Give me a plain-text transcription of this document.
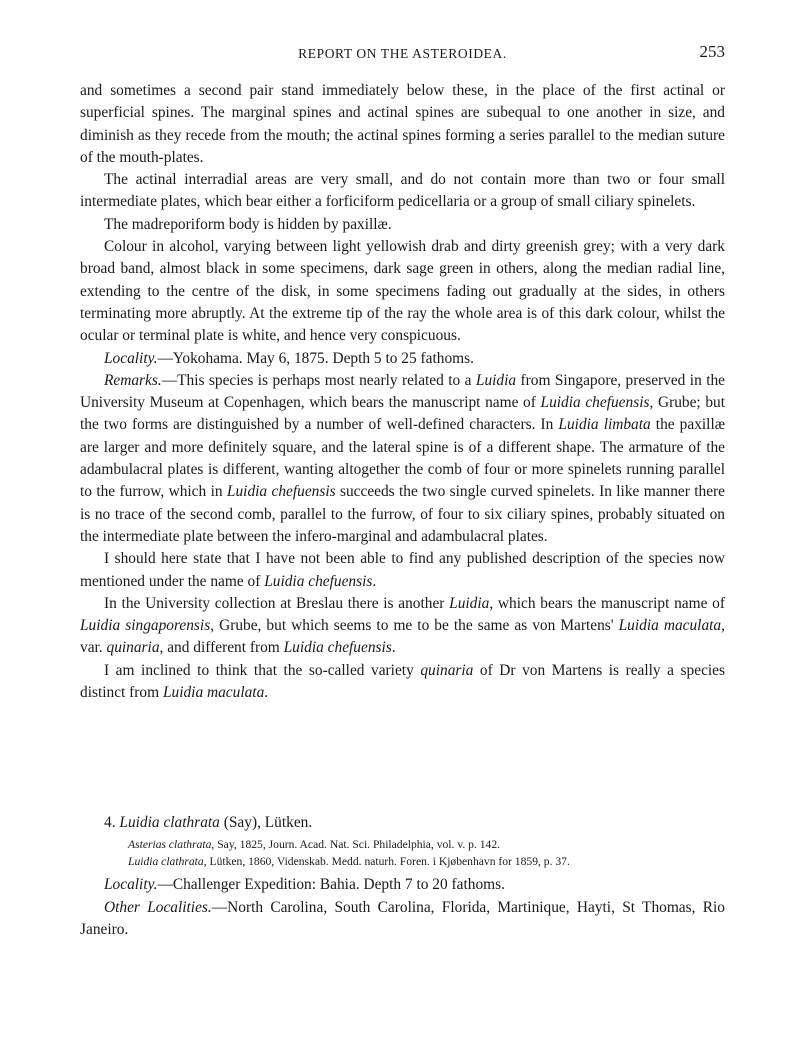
REPORT ON THE ASTEROIDEA.	253

and sometimes a second pair stand immediately below these, in the place of the first actinal or superficial spines. The marginal spines and actinal spines are subequal to one another in size, and diminish as they recede from the mouth; the actinal spines forming a series parallel to the median suture of the mouth-plates.

The actinal interradial areas are very small, and do not contain more than two or four small intermediate plates, which bear either a forficiform pedicellaria or a group of small ciliary spinelets.

The madreporiform body is hidden by paxillæ.

Colour in alcohol, varying between light yellowish drab and dirty greenish grey; with a very dark broad band, almost black in some specimens, dark sage green in others, along the median radial line, extending to the centre of the disk, in some specimens fading out gradually at the sides, in others terminating more abruptly. At the extreme tip of the ray the whole area is of this dark colour, whilst the ocular or terminal plate is white, and hence very conspicuous.

Locality.—Yokohama. May 6, 1875. Depth 5 to 25 fathoms.

Remarks.—This species is perhaps most nearly related to a Luidia from Singapore, preserved in the University Museum at Copenhagen, which bears the manuscript name of Luidia chefuensis, Grube; but the two forms are distinguished by a number of well-defined characters. In Luidia limbata the paxillæ are larger and more definitely square, and the lateral spine is of a different shape. The armature of the adambulacral plates is different, wanting altogether the comb of four or more spinelets running parallel to the furrow, which in Luidia chefuensis succeeds the two single curved spinelets. In like manner there is no trace of the second comb, parallel to the furrow, of four to six ciliary spines, probably situated on the intermediate plate between the infero-marginal and adambulacral plates.

I should here state that I have not been able to find any published description of the species now mentioned under the name of Luidia chefuensis.

In the University collection at Breslau there is another Luidia, which bears the manuscript name of Luidia singaporensis, Grube, but which seems to me to be the same as von Martens' Luidia maculata, var. quinaria, and different from Luidia chefuensis.

I am inclined to think that the so-called variety quinaria of Dr von Martens is really a species distinct from Luidia maculata.

4. Luidia clathrata (Say), Lütken.

Asterias clathrata, Say, 1825, Journ. Acad. Nat. Sci. Philadelphia, vol. v. p. 142.

Luidia clathrata, Lütken, 1860, Videnskab. Medd. naturh. Foren. i Kjøbenhavn for 1859, p. 37.

Locality.—Challenger Expedition: Bahia. Depth 7 to 20 fathoms.

Other Localities.—North Carolina, South Carolina, Florida, Martinique, Hayti, St Thomas, Rio Janeiro.
